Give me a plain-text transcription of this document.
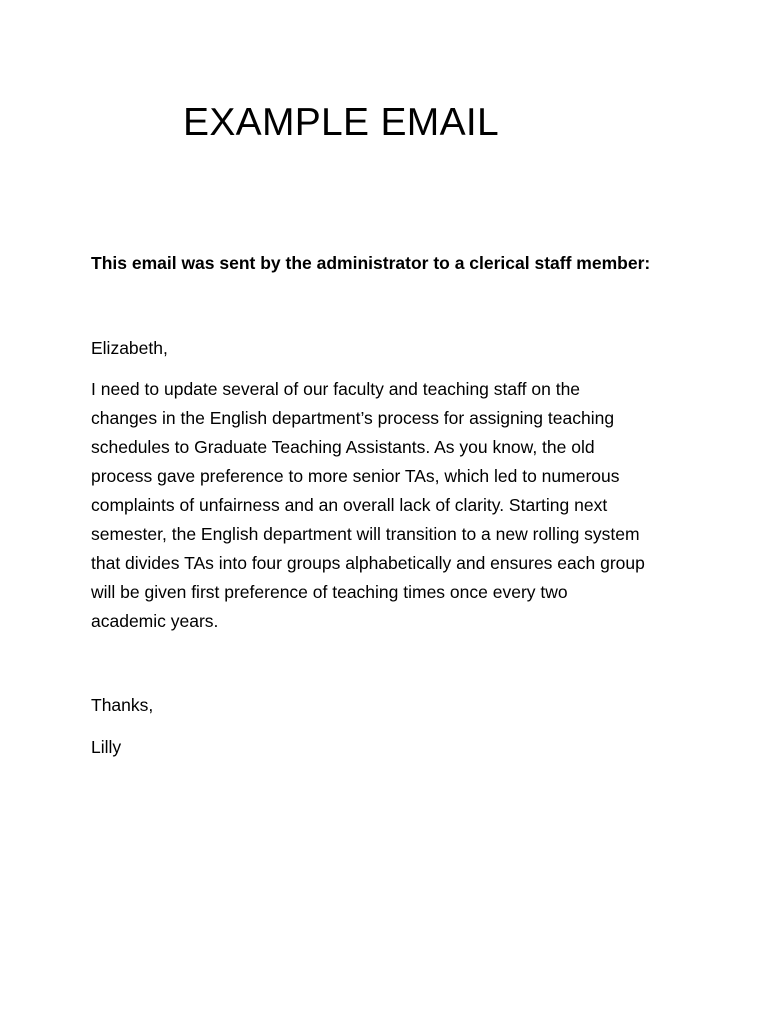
EXAMPLE EMAIL
This email was sent by the administrator to a clerical staff member:
Elizabeth,

I need to update several of our faculty and teaching staff on the
changes in the English department’s process for assigning teaching
schedules to Graduate Teaching Assistants. As you know, the old
process gave preference to more senior TAs, which led to numerous
complaints of unfairness and an overall lack of clarity. Starting next
semester, the English department will transition to a new rolling system
that divides TAs into four groups alphabetically and ensures each group
will be given first preference of teaching times once every two
academic years.

Thanks,
Lilly
